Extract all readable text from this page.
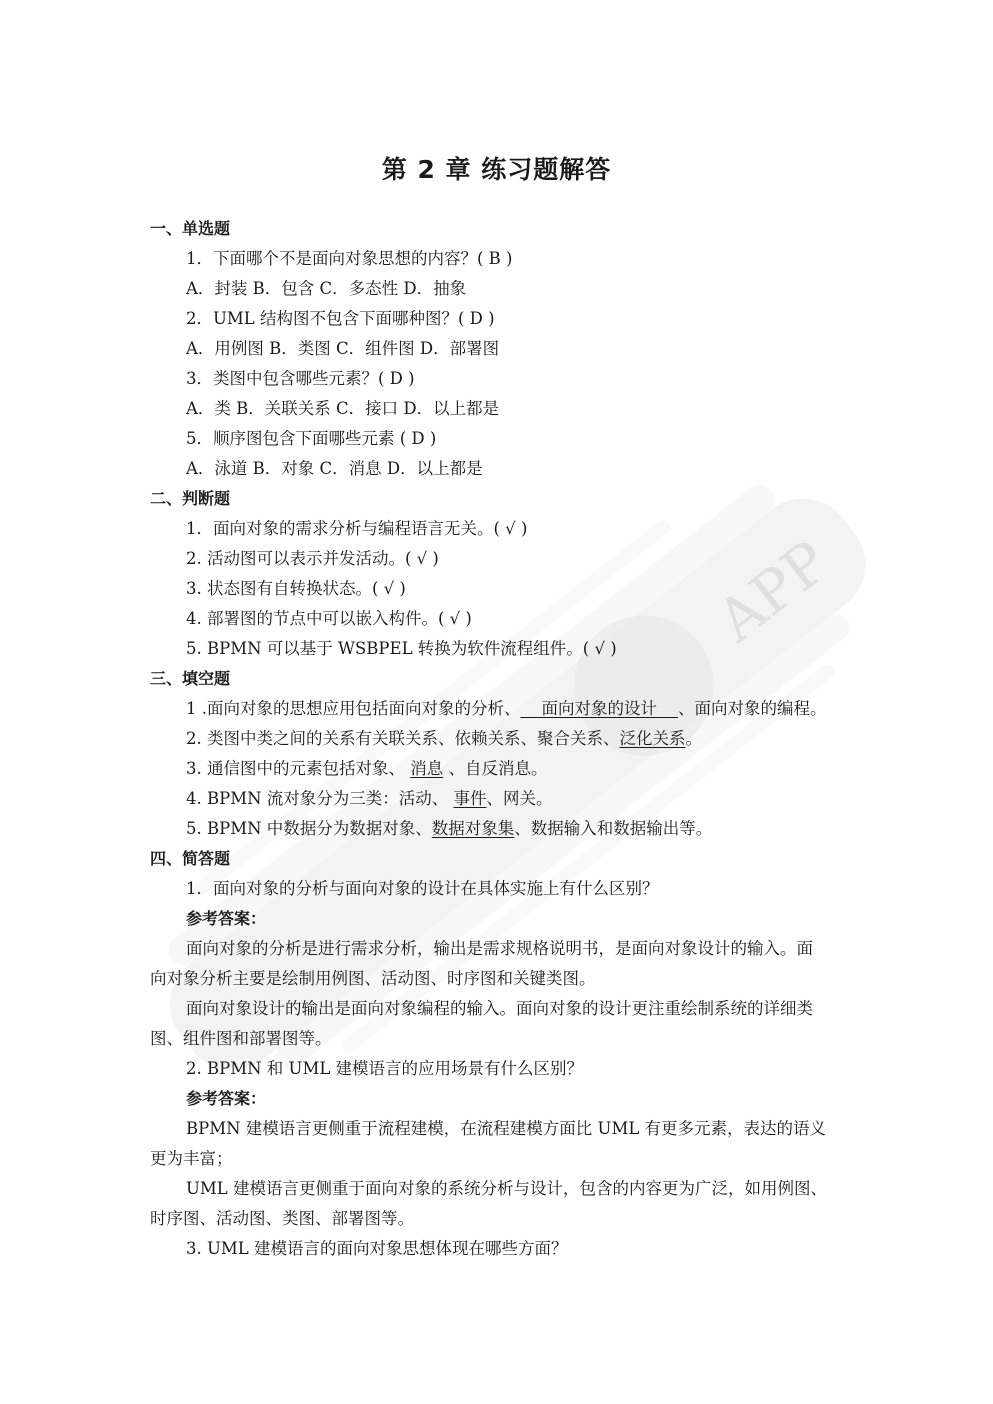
APP
第 2 章 练习题解答
一、单选题
1．下面哪个不是面向对象思想的内容？( B )
A．封装 B．包含 C．多态性 D．抽象
2．UML 结构图不包含下面哪种图？( D )
A．用例图 B．类图 C．组件图 D．部署图
3．类图中包含哪些元素？( D )
A．类 B．关联关系 C．接口 D．以上都是
5．顺序图包含下面哪些元素 ( D )
A．泳道 B．对象 C．消息 D．以上都是
二、判断题
1．面向对象的需求分析与编程语言无关。( √ )
2. 活动图可以表示并发活动。( √ )
3. 状态图有自转换状态。( √ )
4. 部署图的节点中可以嵌入构件。( √ )
5. BPMN 可以基于 WSBPEL 转换为软件流程组件。( √ )
三、填空题
1 .面向对象的思想应用包括面向对象的分析、    面向对象的设计    、面向对象的编程。
2. 类图中类之间的关系有关联关系、依赖关系、聚合关系、泛化关系。
3. 通信图中的元素包括对象、 消息 、自反消息。
4. BPMN 流对象分为三类：活动、 事件、网关。
5. BPMN 中数据分为数据对象、数据对象集、数据输入和数据输出等。
四、简答题
1．面向对象的分析与面向对象的设计在具体实施上有什么区别？
参考答案：
面向对象的分析是进行需求分析，输出是需求规格说明书，是面向对象设计的输入。面
向对象分析主要是绘制用例图、活动图、时序图和关键类图。
面向对象设计的输出是面向对象编程的输入。面向对象的设计更注重绘制系统的详细类
图、组件图和部署图等。
2. BPMN 和 UML 建模语言的应用场景有什么区别？
参考答案：
BPMN 建模语言更侧重于流程建模，在流程建模方面比 UML 有更多元素，表达的语义
更为丰富；
UML 建模语言更侧重于面向对象的系统分析与设计，包含的内容更为广泛，如用例图、
时序图、活动图、类图、部署图等。
3. UML 建模语言的面向对象思想体现在哪些方面？
